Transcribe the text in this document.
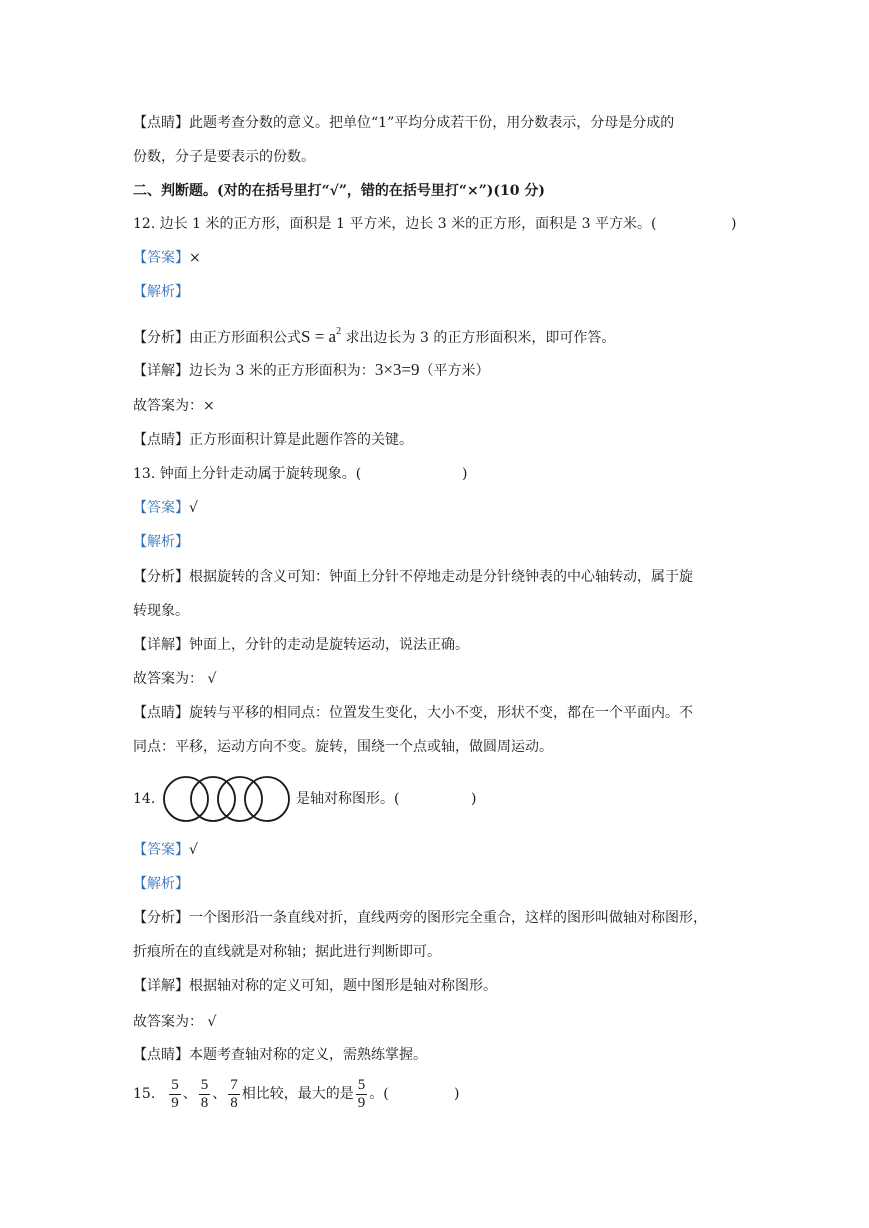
【点睛】此题考查分数的意义。把单位“1”平均分成若干份，用分数表示，分母是分成的
份数，分子是要表示的份数。
二、判断题。(对的在括号里打“√”，错的在括号里打“×”)(10 分)
12. 边长 1 米的正方形，面积是 1 平方米，边长 3 米的正方形，面积是 3 平方米。(	)
【答案】×
【解析】
【分析】由正方形面积公式$S = a^2$ 求出边长为 3 的正方形面积米，即可作答。
【详解】边长为 3 米的正方形面积为：3×3=9（平方米）
故答案为：×
【点睛】正方形面积计算是此题作答的关键。
13. 钟面上分针走动属于旋转现象。(	)
【答案】√
【解析】
【分析】根据旋转的含义可知：钟面上分针不停地走动是分针绕钟表的中心轴转动，属于旋
转现象。
【详解】钟面上，分针的走动是旋转运动，说法正确。
故答案为： √
【点睛】旋转与平移的相同点：位置发生变化，大小不变，形状不变，都在一个平面内。不
同点：平移，运动方向不变。旋转，围绕一个点或轴，做圆周运动。
14.	是轴对称图形。(	)
【答案】√
【解析】
【分析】一个图形沿一条直线对折，直线两旁的图形完全重合，这样的图形叫做轴对称图形，
折痕所在的直线就是对称轴；据此进行判断即可。
【详解】根据轴对称的定义可知，题中图形是轴对称图形。
故答案为： √
【点睛】本题考查轴对称的定义，需熟练掌握。
15. $\frac{5}{9}$ 、 $\frac{5}{8}$ 、 $\frac{7}{8}$ 相比较，最大的是 $\frac{5}{9}$ 。(	)
